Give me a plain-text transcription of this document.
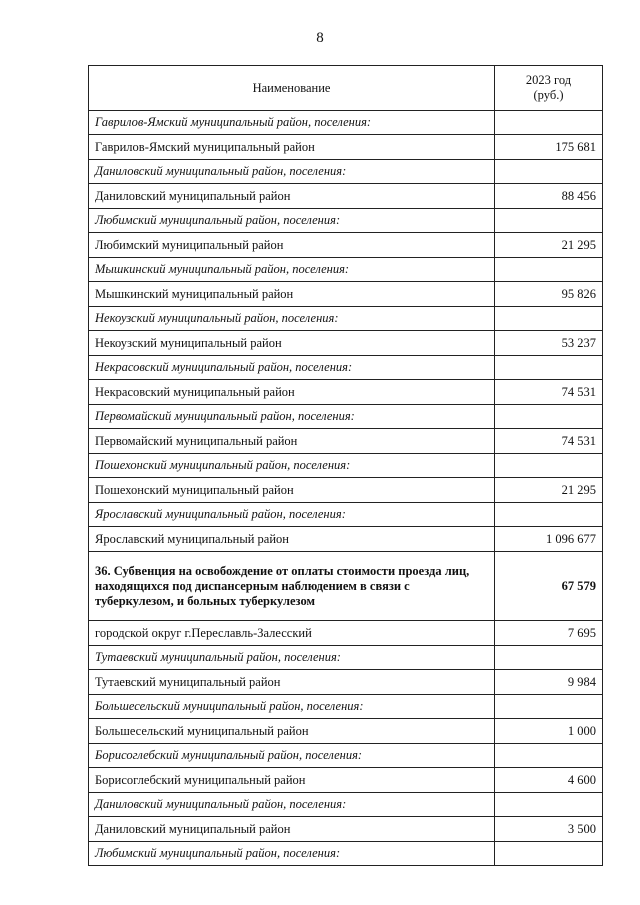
8
Наименование	2023 год
(руб.)
Гаврилов-Ямский муниципальный район, поселения:	
Гаврилов-Ямский муниципальный район	175 681
Даниловский муниципальный район, поселения:	
Даниловский муниципальный район	88 456
Любимский муниципальный район, поселения:	
Любимский муниципальный район	21 295
Мышкинский муниципальный район, поселения:	
Мышкинский муниципальный район	95 826
Некоузский муниципальный район, поселения:	
Некоузский муниципальный район	53 237
Некрасовский муниципальный район, поселения:	
Некрасовский муниципальный район	74 531
Первомайский муниципальный район, поселения:	
Первомайский муниципальный район	74 531
Пошехонский муниципальный район, поселения:	
Пошехонский муниципальный район	21 295
Ярославский муниципальный район, поселения:	
Ярославский муниципальный район	1 096 677
36. Субвенция на освобождение от оплаты стоимости проезда лиц, находящихся под диспансерным наблюдением в связи с туберкулезом, и больных туберкулезом	67 579
городской округ г.Переславль-Залесский	7 695
Тутаевский муниципальный район, поселения:	
Тутаевский муниципальный район	9 984
Большесельский муниципальный район, поселения:	
Большесельский муниципальный район	1 000
Борисоглебский муниципальный район, поселения:	
Борисоглебский муниципальный район	4 600
Даниловский муниципальный район, поселения:	
Даниловский муниципальный район	3 500
Любимский муниципальный район, поселения:	
